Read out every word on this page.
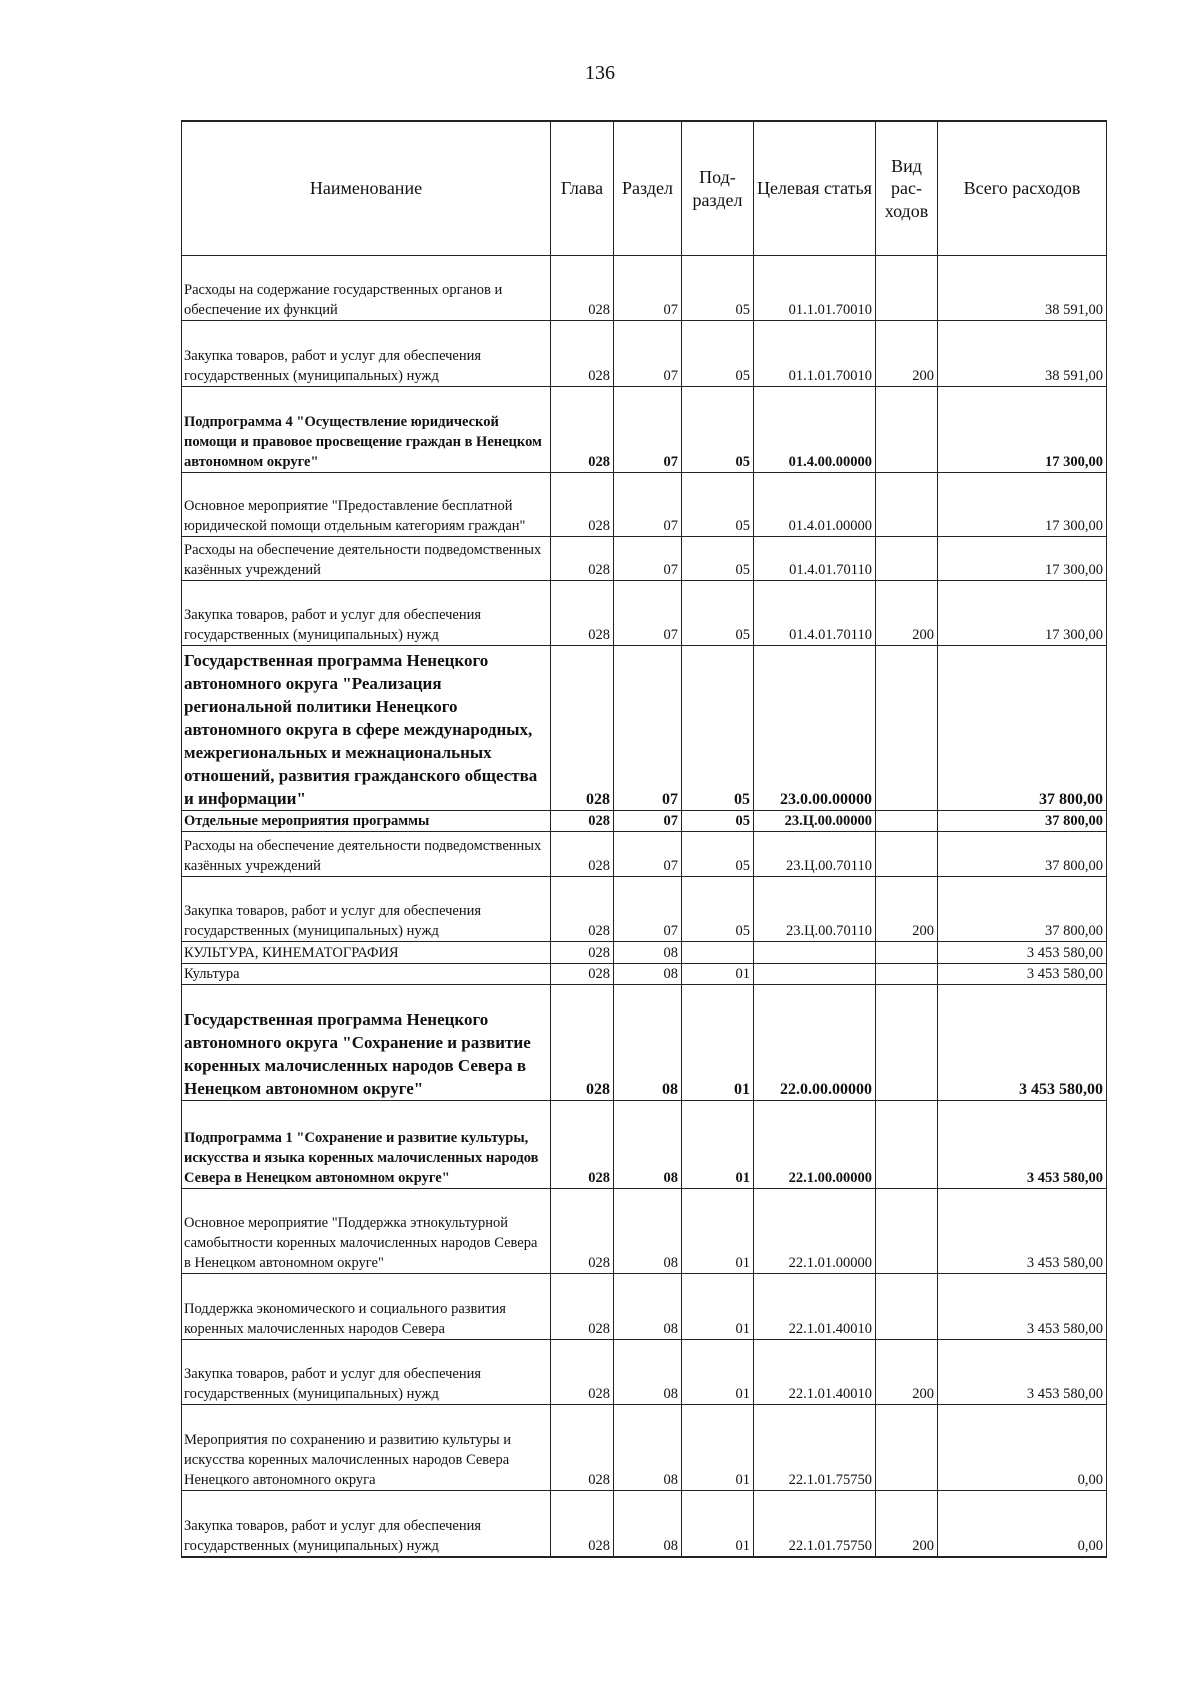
136
Наименование	Глава	Раздел	Под-раздел	Целевая статья	Вид рас-ходов	Всего расходов
Расходы на содержание государственных органов и обеспечение их функций	028	07	05	01.1.01.70010		38 591,00
Закупка товаров, работ и услуг для обеспечения государственных (муниципальных) нужд	028	07	05	01.1.01.70010	200	38 591,00
Подпрограмма 4 "Осуществление юридической помощи и правовое просвещение граждан в Ненецком автономном округе"	028	07	05	01.4.00.00000		17 300,00
Основное мероприятие "Предоставление бесплатной юридической помощи отдельным категориям граждан"	028	07	05	01.4.01.00000		17 300,00
Расходы на обеспечение деятельности подведомственных казённых учреждений	028	07	05	01.4.01.70110		17 300,00
Закупка товаров, работ и услуг для обеспечения государственных (муниципальных) нужд	028	07	05	01.4.01.70110	200	17 300,00
Государственная программа Ненецкого автономного округа "Реализация региональной политики Ненецкого автономного округа в сфере международных, межрегиональных и межнациональных отношений, развития гражданского общества и информации"	028	07	05	23.0.00.00000		37 800,00
Отдельные мероприятия программы	028	07	05	23.Ц.00.00000		37 800,00
Расходы на обеспечение деятельности подведомственных казённых учреждений	028	07	05	23.Ц.00.70110		37 800,00
Закупка товаров, работ и услуг для обеспечения государственных (муниципальных) нужд	028	07	05	23.Ц.00.70110	200	37 800,00
КУЛЬТУРА, КИНЕМАТОГРАФИЯ	028	08				3 453 580,00
Культура	028	08	01			3 453 580,00
Государственная программа Ненецкого автономного округа "Сохранение и развитие коренных малочисленных народов Севера в Ненецком автономном округе"	028	08	01	22.0.00.00000		3 453 580,00
Подпрограмма 1 "Сохранение и развитие культуры, искусства и языка коренных малочисленных народов Севера в Ненецком автономном округе"	028	08	01	22.1.00.00000		3 453 580,00
Основное мероприятие "Поддержка этнокультурной самобытности коренных малочисленных народов Севера в Ненецком автономном округе"	028	08	01	22.1.01.00000		3 453 580,00
Поддержка экономического и социального развития коренных малочисленных народов Севера	028	08	01	22.1.01.40010		3 453 580,00
Закупка товаров, работ и услуг для обеспечения государственных (муниципальных) нужд	028	08	01	22.1.01.40010	200	3 453 580,00
Мероприятия по сохранению и развитию культуры и искусства коренных малочисленных народов Севера Ненецкого автономного округа	028	08	01	22.1.01.75750		0,00
Закупка товаров, работ и услуг для обеспечения государственных (муниципальных) нужд	028	08	01	22.1.01.75750	200	0,00
